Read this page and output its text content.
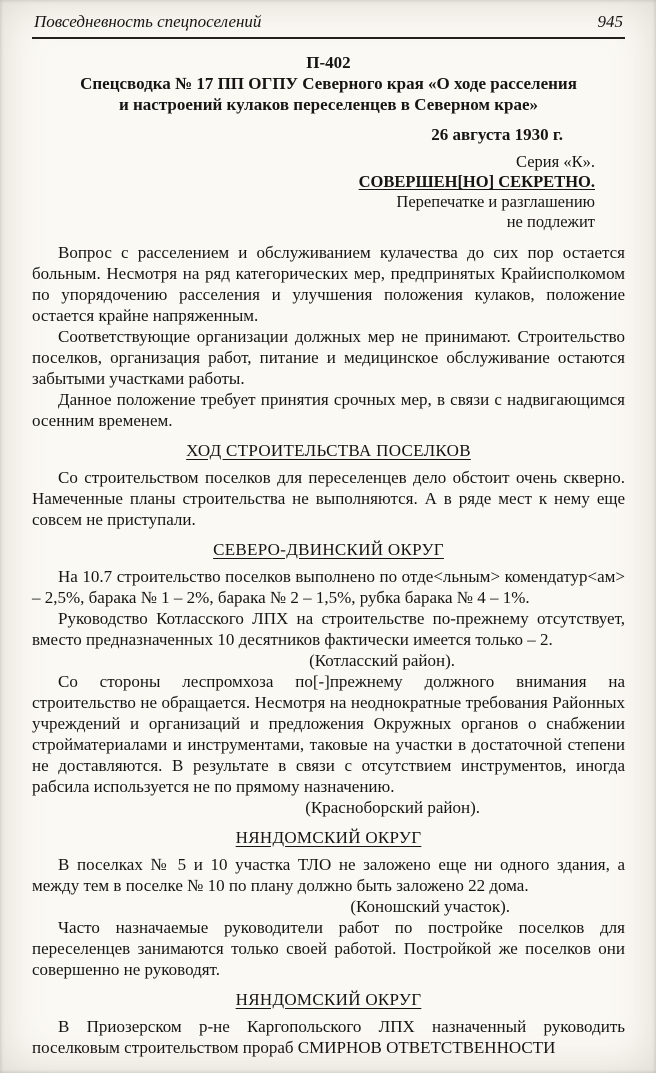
Повседневность спецпоселений	945
П-402
Спецсводка № 17 ПП ОГПУ Северного края «О ходе расселения
и настроений кулаков переселенцев в Северном крае»
26 августа 1930 г.
Серия «К».
СОВЕРШЕН[НО] СЕКРЕТНО.
Перепечатке и разглашению
не подлежит

Вопрос с расселением и обслуживанием кулачества до сих пор остается больным. Несмотря на ряд категорических мер, предпринятых Крайисполкомом по упорядочению расселения и улучшения положения кулаков, положение остается крайне напряженным.

Соответствующие организации должных мер не принимают. Строительство поселков, организация работ, питание и медицинское обслуживание остаются забытыми участками работы.

Данное положение требует принятия срочных мер, в связи с надвигающимся осенним временем.

ХОД СТРОИТЕЛЬСТВА ПОСЕЛКОВ

Со строительством поселков для переселенцев дело обстоит очень скверно. Намеченные планы строительства не выполняются. А в ряде мест к нему еще совсем не приступали.

СЕВЕРО-ДВИНСКИЙ ОКРУГ

На 10.7 строительство поселков выполнено по отде<льным> комендатур<ам> – 2,5%, барака № 1 – 2%, барака № 2 – 1,5%, рубка барака № 4 – 1%.

Руководство Котласского ЛПХ на строительстве по-прежнему отсутствует, вместо предназначенных 10 десятников фактически имеется только – 2.

(Котласский район).

Со стороны леспромхоза по[-]прежнему должного внимания на строительство не обращается. Несмотря на неоднократные требования Районных учреждений и организаций и предложения Окружных органов о снабжении стройматериалами и инструментами, таковые на участки в достаточной степени не доставляются. В результате в связи с отсутствием инструментов, иногда рабсила используется не по прямому назначению.

(Красноборский район).
НЯНДОМСКИЙ ОКРУГ

В поселках № 5 и 10 участка ТЛО не заложено еще ни одного здания, а между тем в поселке № 10 по плану должно быть заложено 22 дома.

(Коношский участок).

Часто назначаемые руководители работ по постройке поселков для переселенцев занимаются только своей работой. Постройкой же поселков они совершенно не руководят.

НЯНДОМСКИЙ ОКРУГ

В Приозерском р-не Каргопольского ЛПХ назначенный руководить поселковым строительством прораб СМИРНОВ ОТВЕТСТВЕННОСТИ
